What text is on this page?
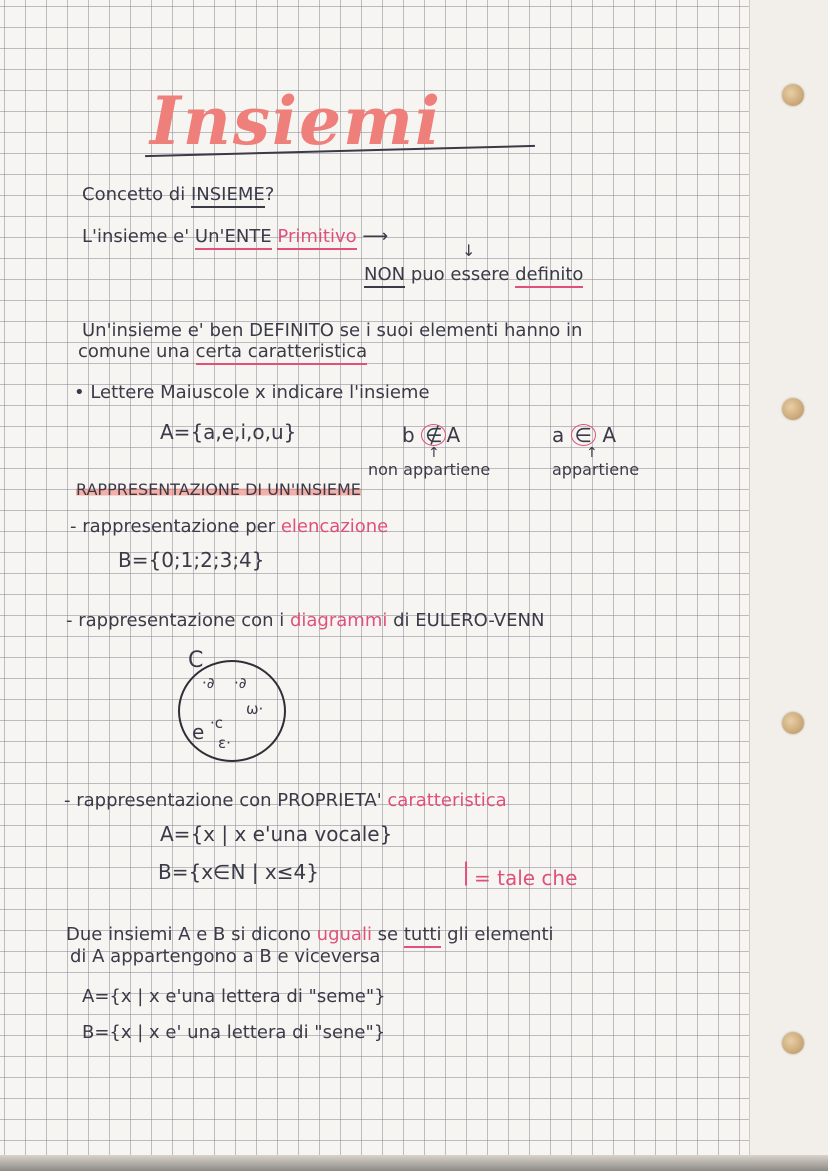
Insiemi
Concetto di INSIEME?
L'insieme e' Un'ENTE Primitivo ⟶
↓
NON puo essere definito
Un'insieme e' ben DEFINITO se i suoi elementi hanno in
comune una certa caratteristica
• Lettere Maiuscole x indicare l'insieme
A={a,e,i,o,u}	b ∉ A	a ∈ A
↑	↑
non appartiene	appartiene
RAPPRESENTAZIONE DI UN'INSIEME
- rappresentazione per elencazione
B={0;1;2;3;4}
- rappresentazione con i diagrammi di EULERO-VENN
C
·∂ ·∂
ω·
e ·c
ε·
- rappresentazione con PROPRIETA' caratteristica
A={x | x e'una vocale}
B={x∈N | x≤4}	| = tale che
Due insiemi A e B si dicono uguali se tutti gli elementi
di A appartengono a B e viceversa
A={x | x e'una lettera di "seme"}
B={x | x e' una lettera di "sene"}
